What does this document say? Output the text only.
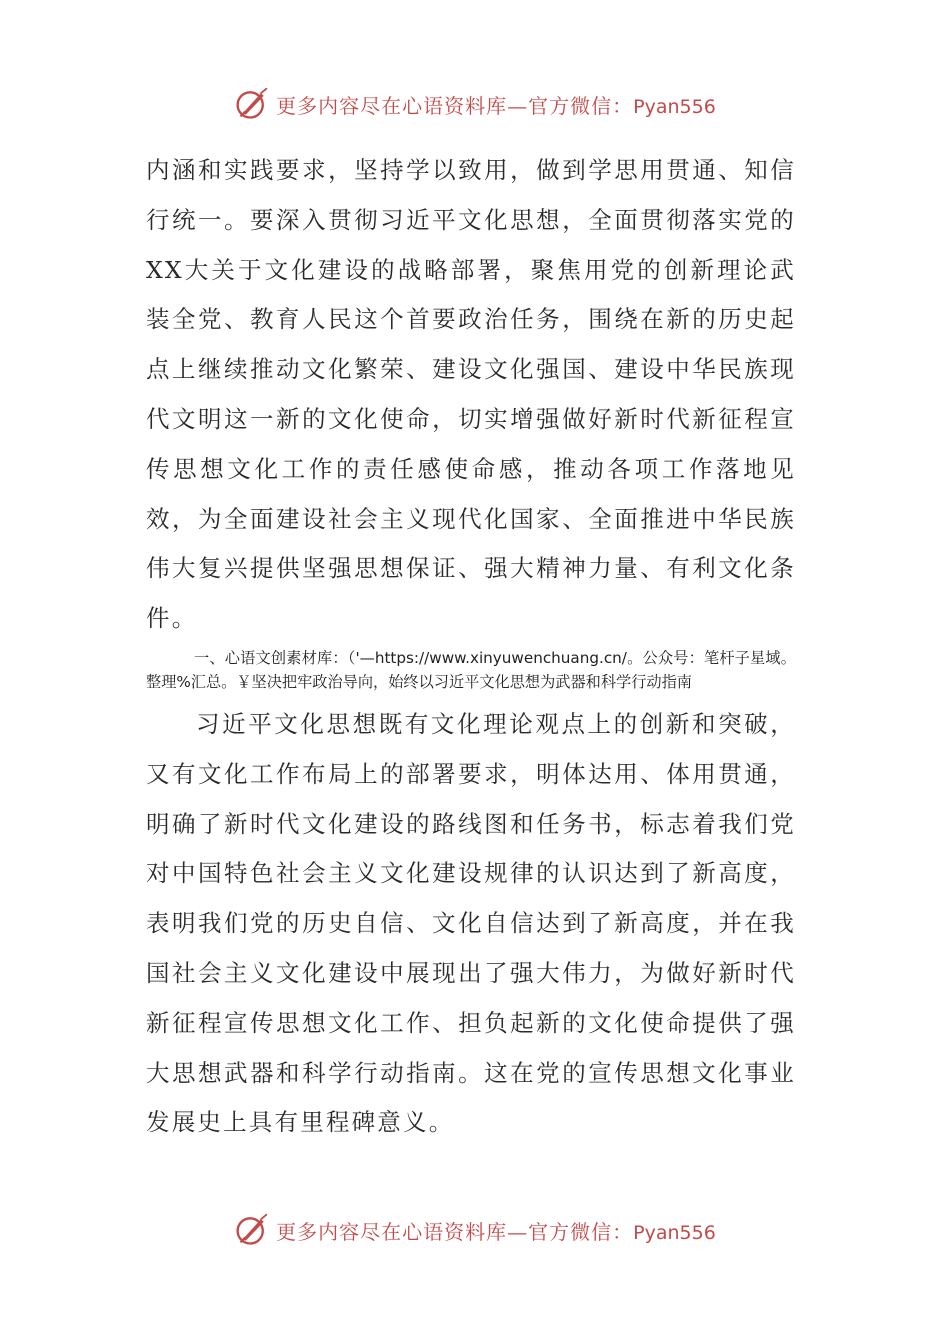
更多内容尽在心语资料库—官方微信：Pyan556

内涵和实践要求，坚持学以致用，做到学思用贯通、知信行统一。要深入贯彻习近平文化思想，全面贯彻落实党的XX大关于文化建设的战略部署，聚焦用党的创新理论武装全党、教育人民这个首要政治任务，围绕在新的历史起点上继续推动文化繁荣、建设文化强国、建设中华民族现代文明这一新的文化使命，切实增强做好新时代新征程宣传思想文化工作的责任感使命感，推动各项工作落地见效，为全面建设社会主义现代化国家、全面推进中华民族伟大复兴提供坚强思想保证、强大精神力量、有利文化条件。

一、心语文创素材库：（'—https://www.xinyuwenchuang.cn/。公众号：笔杆子星域。整理%汇总。￥坚决把牢政治导向，始终以习近平文化思想为武器和科学行动指南

习近平文化思想既有文化理论观点上的创新和突破，又有文化工作布局上的部署要求，明体达用、体用贯通，明确了新时代文化建设的路线图和任务书，标志着我们党对中国特色社会主义文化建设规律的认识达到了新高度，表明我们党的历史自信、文化自信达到了新高度，并在我国社会主义文化建设中展现出了强大伟力，为做好新时代新征程宣传思想文化工作、担负起新的文化使命提供了强大思想武器和科学行动指南。这在党的宣传思想文化事业发展史上具有里程碑意义。

更多内容尽在心语资料库—官方微信：Pyan556
